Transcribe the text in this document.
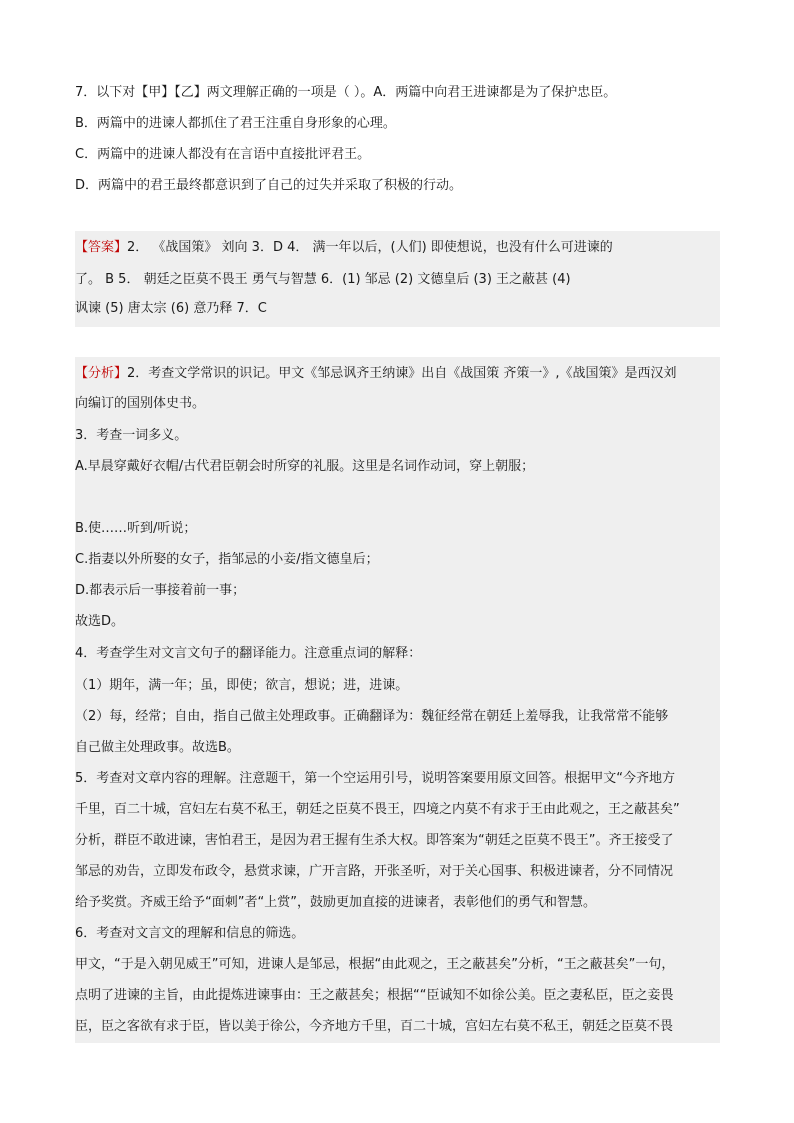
7．以下对【甲】【乙】两文理解正确的一项是（ ）。A．两篇中向君王进谏都是为了保护忠臣。
B．两篇中的进谏人都抓住了君王注重自身形象的心理。
C．两篇中的进谏人都没有在言语中直接批评君王。
D．两篇中的君王最终都意识到了自己的过失并采取了积极的行动。
【答案】2． 《战国策》 刘向 3．D 4． 满一年以后，(人们) 即使想说，也没有什么可进谏的
了。 B 5． 朝廷之臣莫不畏王 勇气与智慧 6．(1) 邹忌 (2) 文德皇后 (3) 王之蔽甚 (4)
讽谏 (5) 唐太宗 (6) 意乃释 7．C
【分析】2．考查文学常识的识记。甲文《邹忌讽齐王纳谏》出自《战国策 齐策一》,《战国策》是西汉刘
向编订的国别体史书。
3．考查一词多义。
A.早晨穿戴好衣帽/古代君臣朝会时所穿的礼服。这里是名词作动词，穿上朝服；
B.使……听到/听说；
C.指妻以外所娶的女子，指邹忌的小妾/指文德皇后；
D.都表示后一事接着前一事；
故选D。
4．考查学生对文言文句子的翻译能力。注意重点词的解释：
（1）期年，满一年；虽，即使；欲言，想说；进，进谏。
（2）每，经常；自由，指自己做主处理政事。正确翻译为：魏征经常在朝廷上羞辱我，让我常常不能够
自己做主处理政事。故选B。
5．考查对文章内容的理解。注意题干，第一个空运用引号，说明答案要用原文回答。根据甲文“今齐地方
千里，百二十城，宫妇左右莫不私王，朝廷之臣莫不畏王，四境之内莫不有求于王由此观之，王之蔽甚矣”
分析，群臣不敢进谏，害怕君王，是因为君王握有生杀大权。即答案为“朝廷之臣莫不畏王”。齐王接受了
邹忌的劝告，立即发布政令，悬赏求谏，广开言路，开张圣听，对于关心国事、积极进谏者，分不同情况
给予奖赏。齐威王给予“面刺”者“上赏”，鼓励更加直接的进谏者，表彰他们的勇气和智慧。
6．考查对文言文的理解和信息的筛选。
甲文，“于是入朝见威王”可知，进谏人是邹忌，根据“由此观之，王之蔽甚矣”分析，“王之蔽甚矣”一句，
点明了进谏的主旨，由此提炼进谏事由：王之蔽甚矣；根据““臣诚知不如徐公美。臣之妻私臣，臣之妾畏
臣，臣之客欲有求于臣，皆以美于徐公，今齐地方千里，百二十城，宫妇左右莫不私王，朝廷之臣莫不畏
